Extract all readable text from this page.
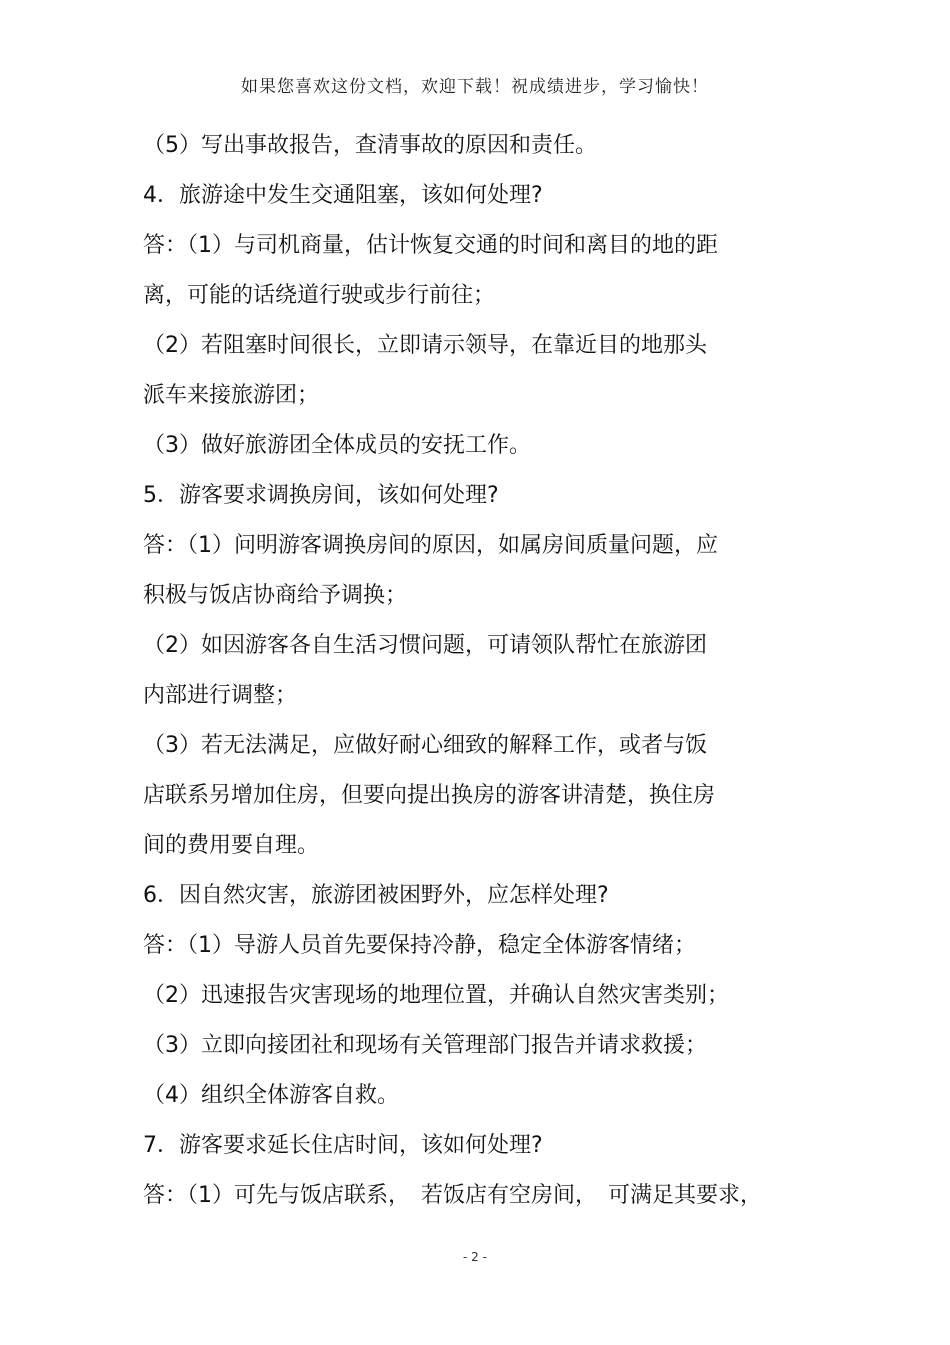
如果您喜欢这份文档，欢迎下载！祝成绩进步，学习愉快！
（5）写出事故报告，查清事故的原因和责任。
4．旅游途中发生交通阻塞，该如何处理?
答：（1）与司机商量，估计恢复交通的时间和离目的地的距
离，可能的话绕道行驶或步行前往；
（2）若阻塞时间很长，立即请示领导，在靠近目的地那头
派车来接旅游团；
（3）做好旅游团全体成员的安抚工作。
5．游客要求调换房间，该如何处理?
答：（1）问明游客调换房间的原因，如属房间质量问题，应
积极与饭店协商给予调换；
（2）如因游客各自生活习惯问题，可请领队帮忙在旅游团
内部进行调整；
（3）若无法满足，应做好耐心细致的解释工作，或者与饭
店联系另增加住房，但要向提出换房的游客讲清楚，换住房
间的费用要自理。
6．因自然灾害，旅游团被困野外，应怎样处理?
答：（1）导游人员首先要保持冷静，稳定全体游客情绪；
（2）迅速报告灾害现场的地理位置，并确认自然灾害类别；
（3）立即向接团社和现场有关管理部门报告并请求救援；
（4）组织全体游客自救。
7．游客要求延长住店时间，该如何处理?
答：（1）可先与饭店联系，　若饭店有空房间，　可满足其要求，
- 2 -
